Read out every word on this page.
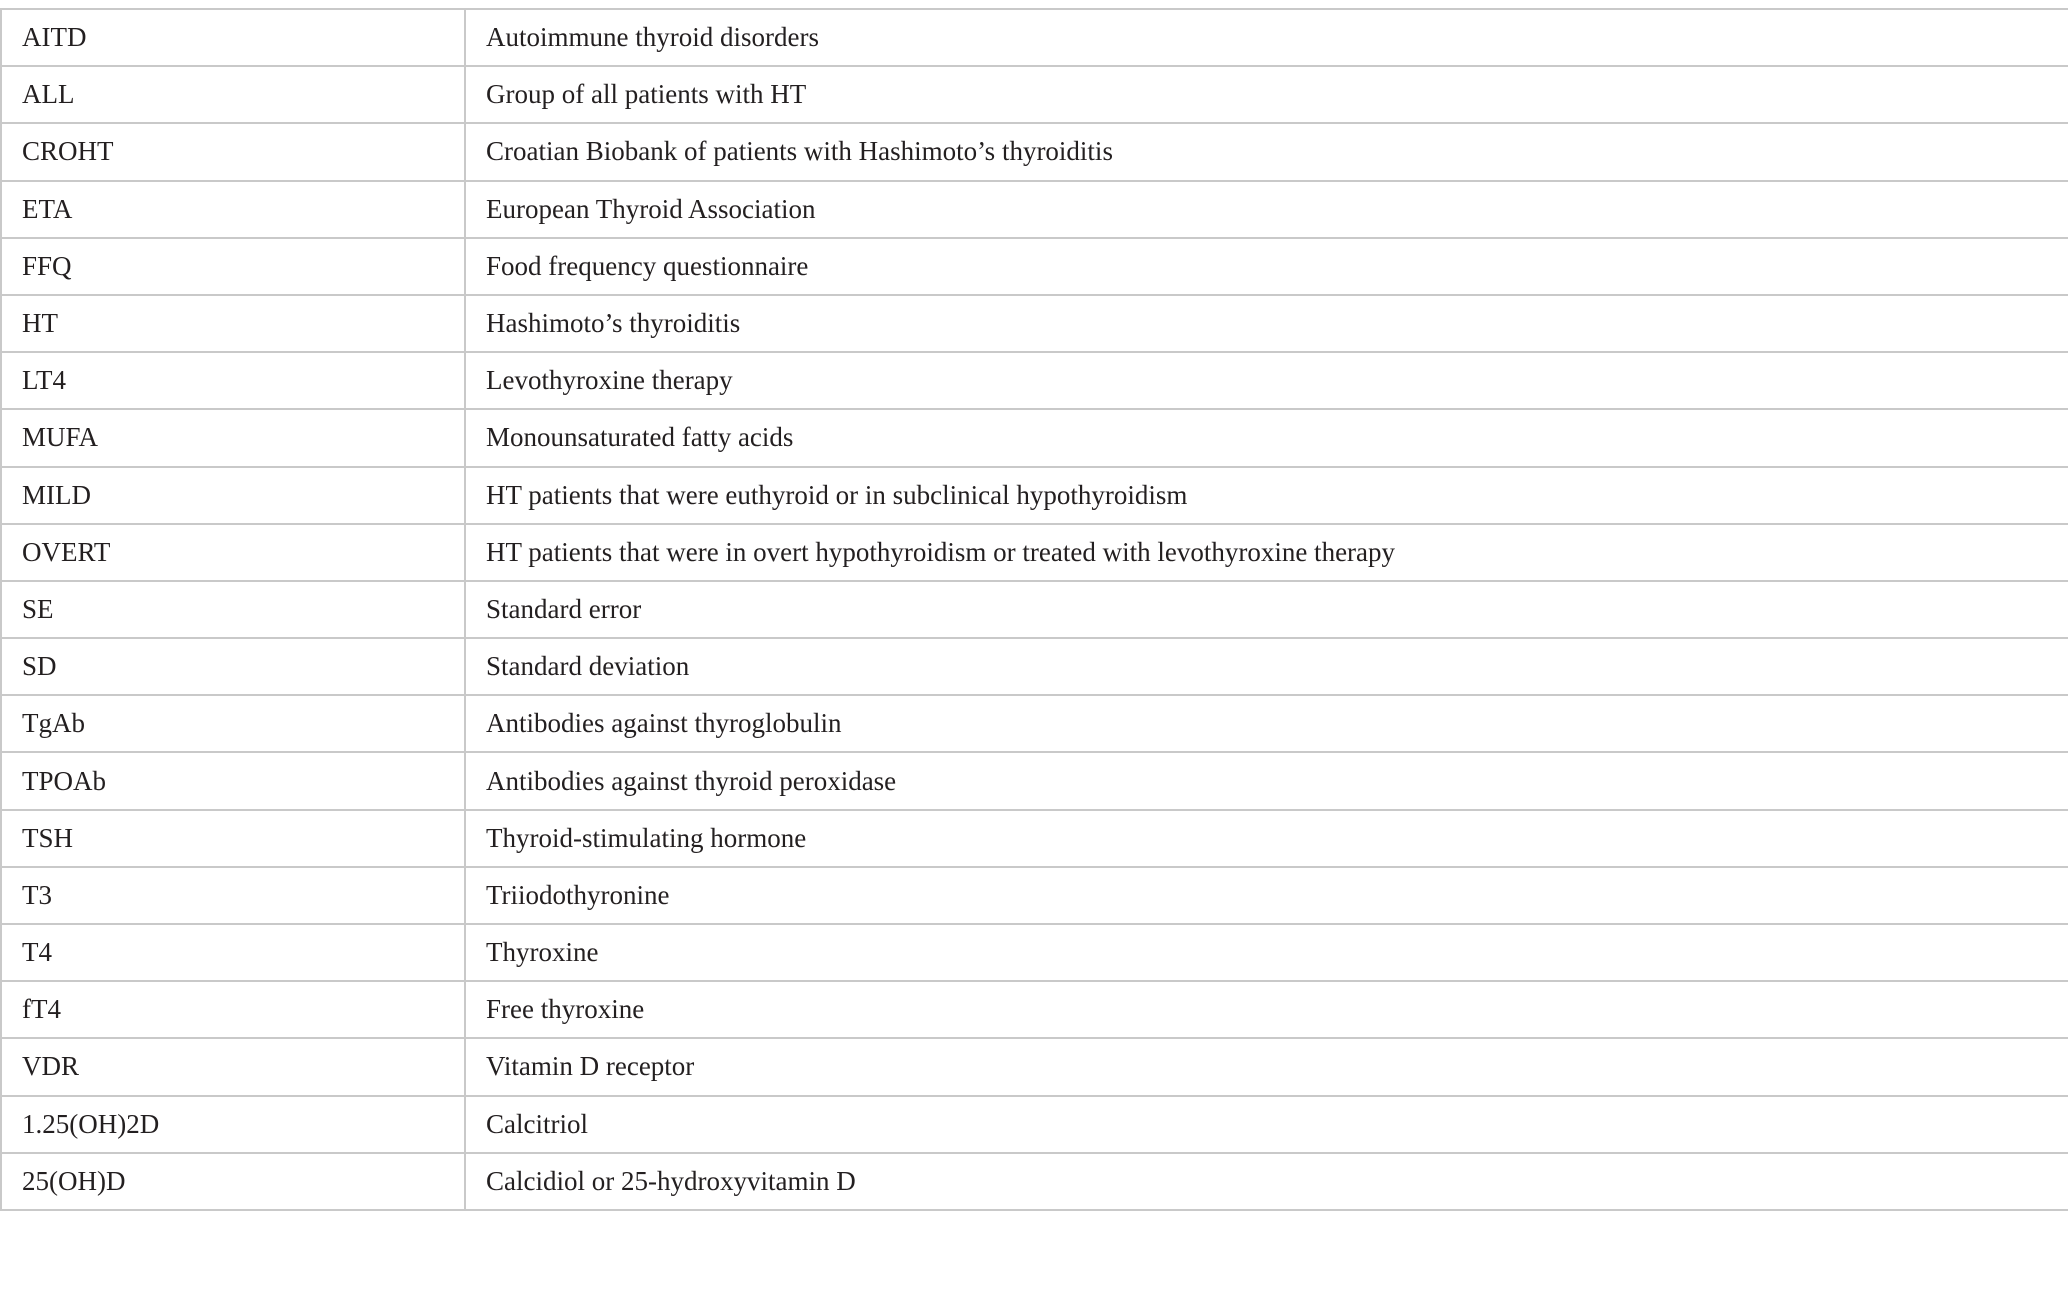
AITD	Autoimmune thyroid disorders
ALL	Group of all patients with HT
CROHT	Croatian Biobank of patients with Hashimoto’s thyroiditis
ETA	European Thyroid Association
FFQ	Food frequency questionnaire
HT	Hashimoto’s thyroiditis
LT4	Levothyroxine therapy
MUFA	Monounsaturated fatty acids
MILD	HT patients that were euthyroid or in subclinical hypothyroidism
OVERT	HT patients that were in overt hypothyroidism or treated with levothyroxine therapy
SE	Standard error
SD	Standard deviation
TgAb	Antibodies against thyroglobulin
TPOAb	Antibodies against thyroid peroxidase
TSH	Thyroid-stimulating hormone
T3	Triiodothyronine
T4	Thyroxine
fT4	Free thyroxine
VDR	Vitamin D receptor
1.25(OH)2D	Calcitriol
25(OH)D	Calcidiol or 25-hydroxyvitamin D
